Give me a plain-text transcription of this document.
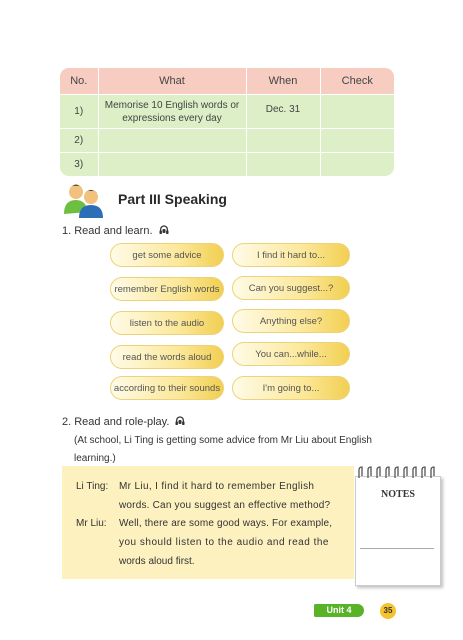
No.	What	When	Check
1)	Memorise 10 English words or expressions every day	Dec. 31	
2)			
3)			
Part III Speaking
1. Read and learn.
get some advice	I find it hard to...
remember English words	Can you suggest...?
listen to the audio	Anything else?
read the words aloud	You can...while...
according to their sounds	I'm going to...
2. Read and role-play.
(At school, Li Ting is getting some advice from Mr Liu about English
learning.)
Li Ting: Mr Liu, I find it hard to remember English
words. Can you suggest an effective method?
Mr Liu: Well, there are some good ways. For example,
you should listen to the audio and read the
words aloud first.
NOTES
Unit 4	35
